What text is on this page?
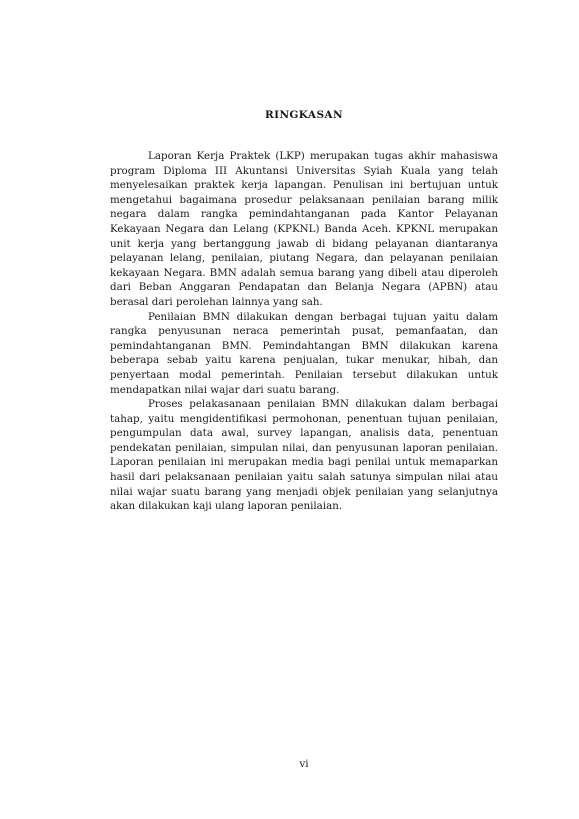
RINGKASAN

Laporan Kerja Praktek (LKP) merupakan tugas akhir mahasiswa program Diploma III Akuntansi Universitas Syiah Kuala yang telah menyelesaikan praktek kerja lapangan. Penulisan ini bertujuan untuk mengetahui bagaimana prosedur pelaksanaan penilaian barang milik negara dalam rangka pemindahtanganan pada Kantor Pelayanan Kekayaan Negara dan Lelang (KPKNL) Banda Aceh. KPKNL merupakan unit kerja yang bertanggung jawab di bidang pelayanan diantaranya pelayanan lelang, penilaian, piutang Negara, dan pelayanan penilaian kekayaan Negara. BMN adalah semua barang yang dibeli atau diperoleh dari Beban Anggaran Pendapatan dan Belanja Negara (APBN) atau berasal dari perolehan lainnya yang sah.

Penilaian BMN dilakukan dengan berbagai tujuan yaitu dalam rangka penyusunan neraca pemerintah pusat, pemanfaatan, dan pemindahtanganan BMN. Pemindahtangan BMN dilakukan karena beberapa sebab yaitu karena penjualan, tukar menukar, hibah, dan penyertaan modal pemerintah. Penilaian tersebut dilakukan untuk mendapatkan nilai wajar dari suatu barang.

Proses pelakasanaan penilaian BMN dilakukan dalam berbagai tahap, yaitu mengidentifikasi permohonan, penentuan tujuan penilaian, pengumpulan data awal, survey lapangan, analisis data, penentuan pendekatan penilaian, simpulan nilai, dan penyusunan laporan penilaian. Laporan penilaian ini merupakan media bagi penilai untuk memaparkan hasil dari pelaksanaan penilaian yaitu salah satunya simpulan nilai atau nilai wajar suatu barang yang menjadi objek penilaian yang selanjutnya akan dilakukan kaji ulang laporan penilaian.

vi
